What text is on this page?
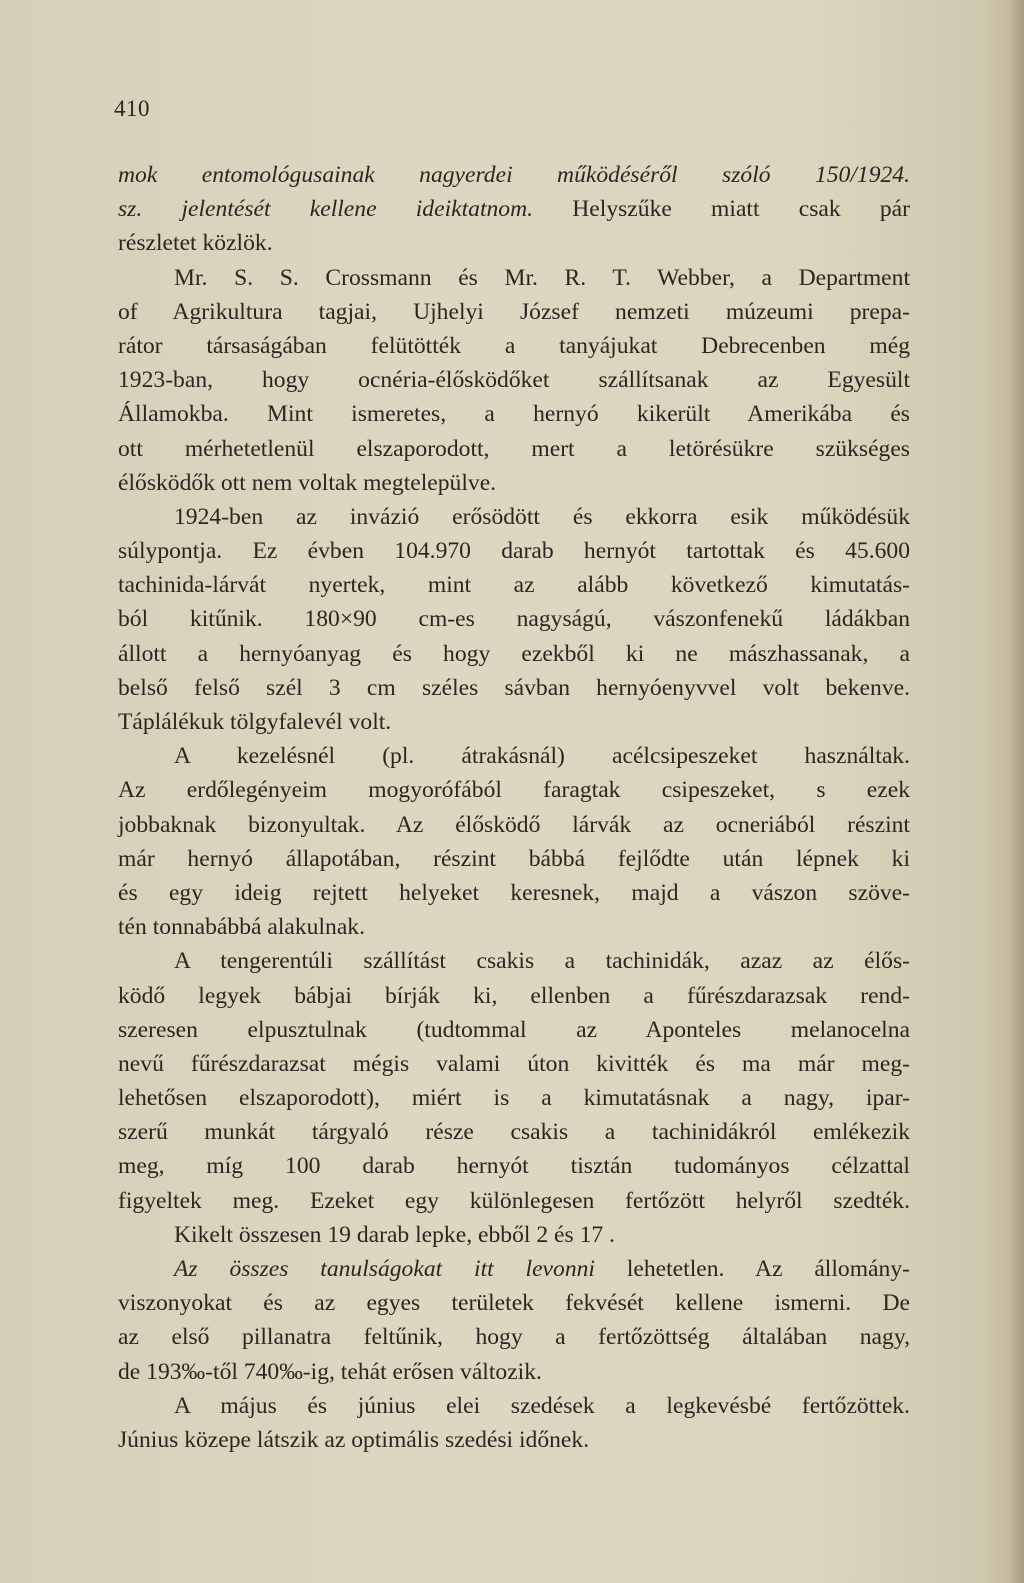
410
mok entomológusainak nagyerdei működéséről szóló 150/1924.
sz. jelentését kellene ideiktatnom. Helyszűke miatt csak pár
részletet közlök.
Mr. S. S. Crossmann és Mr. R. T. Webber, a Department
of Agrikultura tagjai, Ujhelyi József nemzeti múzeumi prepa-
rátor társaságában felütötték a tanyájukat Debrecenben még
1923-ban, hogy ocnéria-élősködőket szállítsanak az Egyesült
Államokba. Mint ismeretes, a hernyó kikerült Amerikába és
ott mérhetetlenül elszaporodott, mert a letörésükre szükséges
élősködők ott nem voltak megtelepülve.
1924-ben az invázió erősödött és ekkorra esik működésük
súlypontja. Ez évben 104.970 darab hernyót tartottak és 45.600
tachinida-lárvát nyertek, mint az alább következő kimutatás-
ból kitűnik. 180×90 cm-es nagyságú, vászonfenekű ládákban
állott a hernyóanyag és hogy ezekből ki ne mászhassanak, a
belső felső szél 3 cm széles sávban hernyóenyvvel volt bekenve.
Táplálékuk tölgyfalevél volt.
A kezelésnél (pl. átrakásnál) acélcsipeszeket használtak.
Az erdőlegényeim mogyorófából faragtak csipeszeket, s ezek
jobbaknak bizonyultak. Az élősködő lárvák az ocneriából részint
már hernyó állapotában, részint bábbá fejlődte után lépnek ki
és egy ideig rejtett helyeket keresnek, majd a vászon szöve-
tén tonnabábbá alakulnak.
A tengerentúli szállítást csakis a tachinidák, azaz az élős-
ködő legyek bábjai bírják ki, ellenben a fűrészdarazsak rend-
szeresen elpusztulnak (tudtommal az Aponteles melanocelna
nevű fűrészdarazsat mégis valami úton kivitték és ma már meg-
lehetősen elszaporodott), miért is a kimutatásnak a nagy, ipar-
szerű munkát tárgyaló része csakis a tachinidákról emlékezik
meg, míg 100 darab hernyót tisztán tudományos célzattal
figyeltek meg. Ezeket egy különlegesen fertőzött helyről szedték.
Kikelt összesen 19 darab lepke, ebből 2 és 17 .
Az összes tanulságokat itt levonni lehetetlen. Az állomány-
viszonyokat és az egyes területek fekvését kellene ismerni. De
az első pillanatra feltűnik, hogy a fertőzöttség általában nagy,
de 193‰-től 740‰-ig, tehát erősen változik.
A május és június elei szedések a legkevésbé fertőzöttek.
Június közepe látszik az optimális szedési időnek.
